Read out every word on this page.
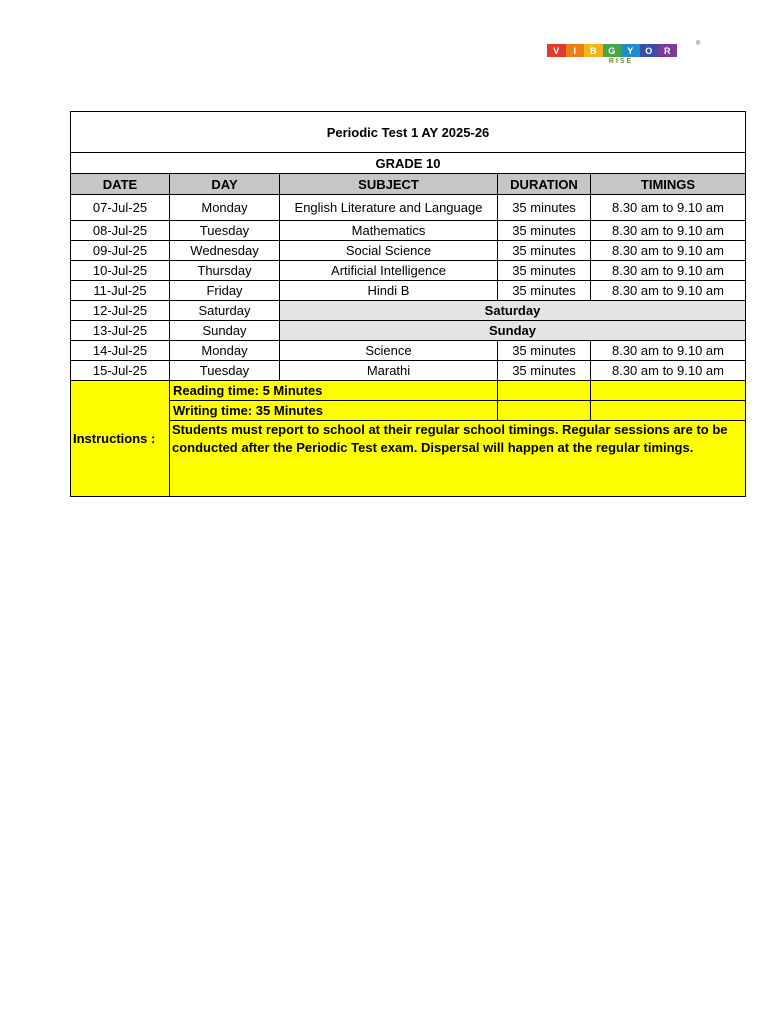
V	I	B	G	Y	O	R
®
RISE
Periodic Test 1 AY 2025-26				
GRADE 10				
DATE	DAY	SUBJECT	DURATION	TIMINGS
07-Jul-25	Monday	English Literature and Language	35 minutes	8.30 am to 9.10 am
08-Jul-25	Tuesday	Mathematics	35 minutes	8.30 am to 9.10 am
09-Jul-25	Wednesday	Social Science	35 minutes	8.30 am to 9.10 am
10-Jul-25	Thursday	Artificial Intelligence	35 minutes	8.30 am to 9.10 am
11-Jul-25	Friday	Hindi B	35 minutes	8.30 am to 9.10 am
12-Jul-25	Saturday	Saturday		
13-Jul-25	Sunday	Sunday		
14-Jul-25	Monday	Science	35 minutes	8.30 am to 9.10 am
15-Jul-25	Tuesday	Marathi	35 minutes	8.30 am to 9.10 am
Instructions :	Reading time: 5 Minutes			
	Writing time: 35 Minutes			
	Students must report to school at their regular school timings. Regular sessions are to be conducted after the Periodic Test exam. Dispersal will happen at the regular timings.			
